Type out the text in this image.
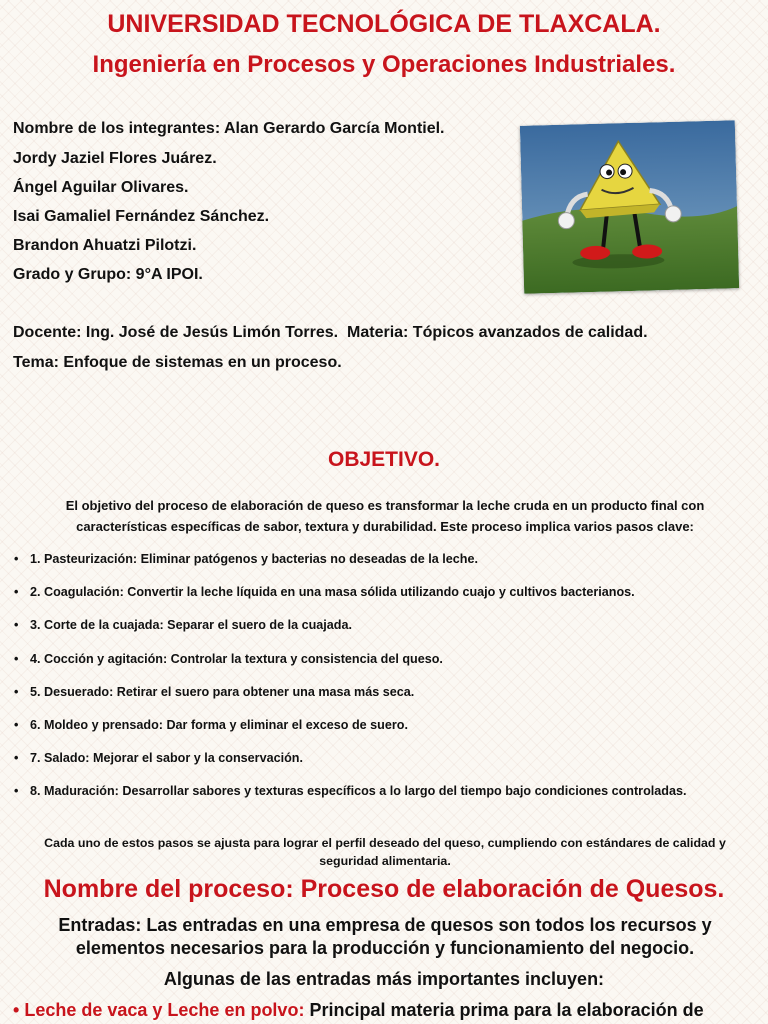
UNIVERSIDAD TECNOLÓGICA DE TLAXCALA.
Ingeniería en Procesos y Operaciones Industriales.
Nombre de los integrantes: Alan Gerardo García Montiel.
Jordy Jaziel Flores Juárez.
Ángel Aguilar Olivares.
Isai Gamaliel Fernández Sánchez.
Brandon Ahuatzi Pilotzi.
Grado y Grupo: 9°A IPOI.
Docente: Ing. José de Jesús Limón Torres.  Materia: Tópicos avanzados de calidad.
Tema: Enfoque de sistemas en un proceso.
OBJETIVO.

El objetivo del proceso de elaboración de queso es transformar la leche cruda en un producto final con características específicas de sabor, textura y durabilidad. Este proceso implica varios pasos clave:

• 1. Pasteurización: Eliminar patógenos y bacterias no deseadas de la leche.
• 2. Coagulación: Convertir la leche líquida en una masa sólida utilizando cuajo y cultivos bacterianos.
• 3. Corte de la cuajada: Separar el suero de la cuajada.
• 4. Cocción y agitación: Controlar la textura y consistencia del queso.
• 5. Desuerado: Retirar el suero para obtener una masa más seca.
• 6. Moldeo y prensado: Dar forma y eliminar el exceso de suero.
• 7. Salado: Mejorar el sabor y la conservación.
• 8. Maduración: Desarrollar sabores y texturas específicos a lo largo del tiempo bajo condiciones controladas.

Cada uno de estos pasos se ajusta para lograr el perfil deseado del queso, cumpliendo con estándares de calidad y seguridad alimentaria.

Nombre del proceso: Proceso de elaboración de Quesos.

Entradas: Las entradas en una empresa de quesos son todos los recursos y elementos necesarios para la producción y funcionamiento del negocio.

Algunas de las entradas más importantes incluyen:

• Leche de vaca y Leche en polvo: Principal materia prima para la elaboración de
